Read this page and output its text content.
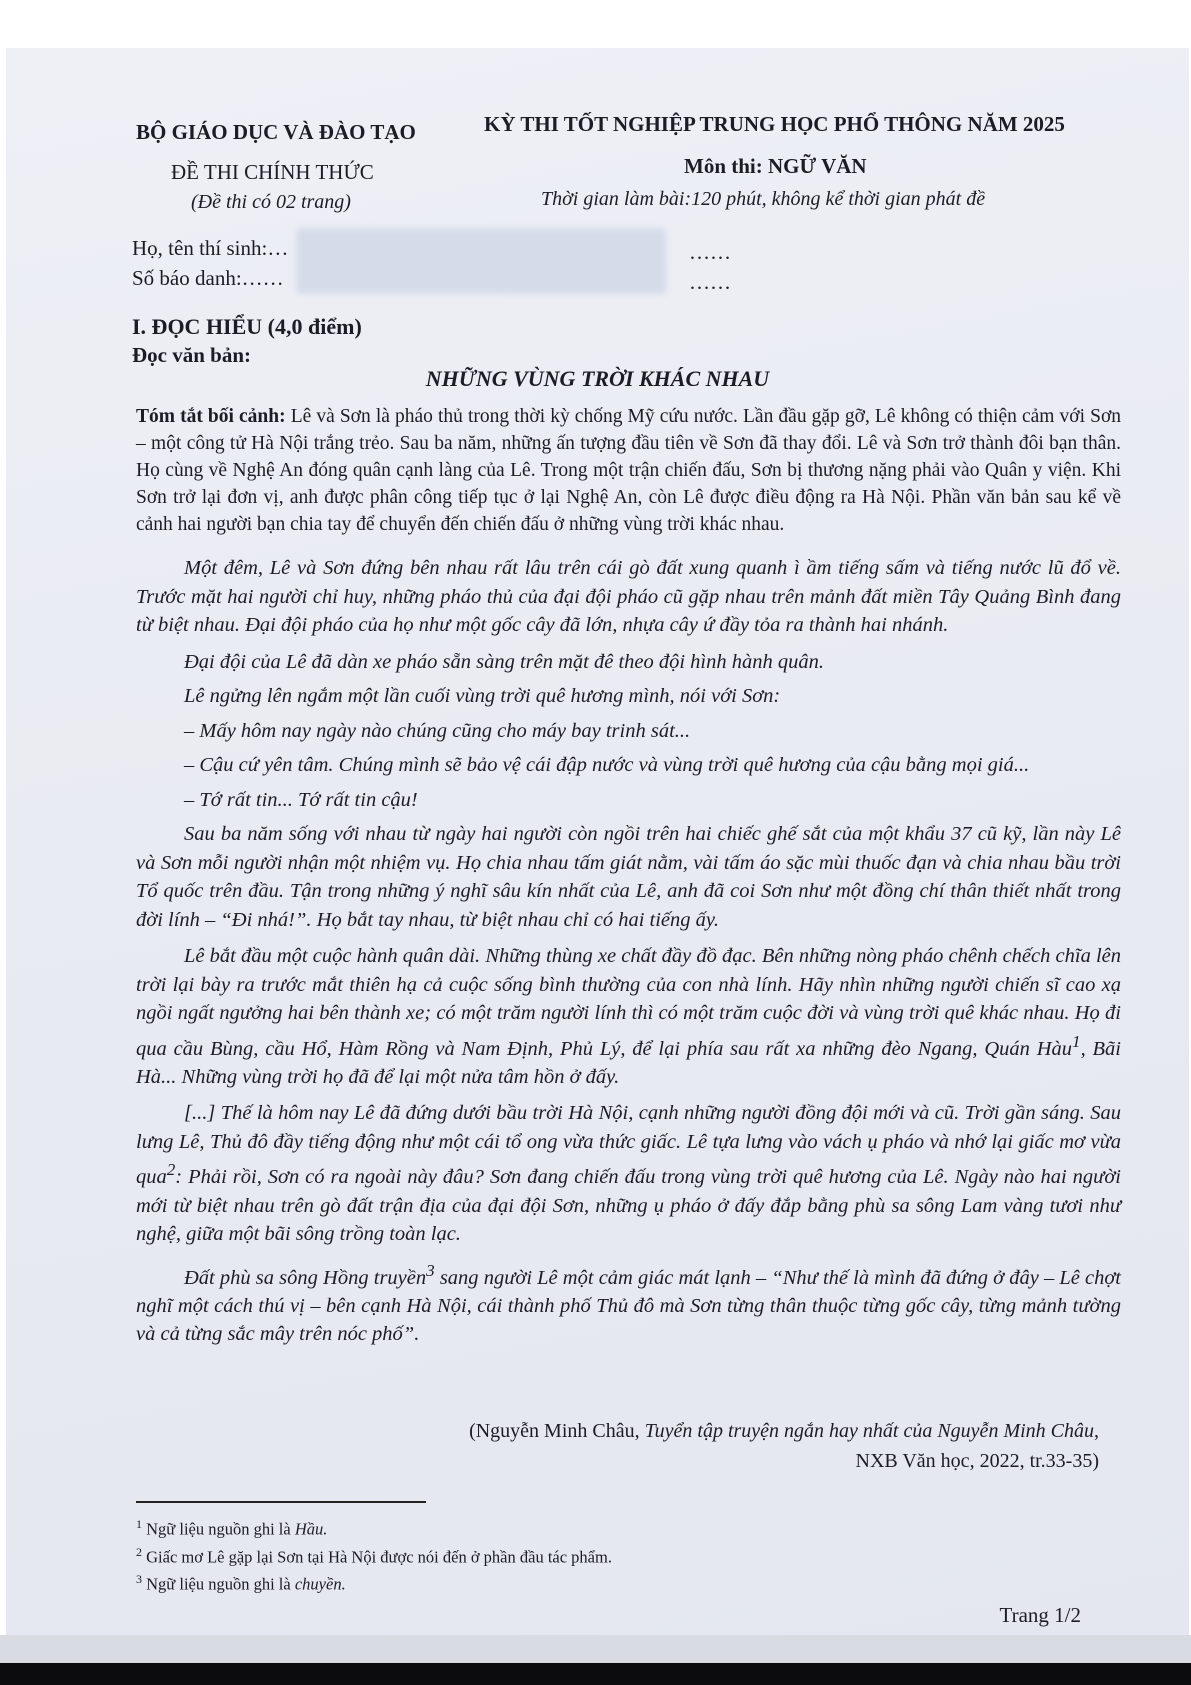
BỘ GIÁO DỤC VÀ ĐÀO TẠO	KỲ THI TỐT NGHIỆP TRUNG HỌC PHỔ THÔNG NĂM 2025
ĐỀ THI CHÍNH THỨC	Môn thi: NGỮ VĂN
(Đề thi có 02 trang)	Thời gian làm bài:120 phút, không kể thời gian phát đề
Họ, tên thí sinh:…
Số báo danh:……
……
……
I. ĐỌC HIỂU (4,0 điểm)
Đọc văn bản:
NHỮNG VÙNG TRỜI KHÁC NHAU
Tóm tắt bối cảnh: Lê và Sơn là pháo thủ trong thời kỳ chống Mỹ cứu nước. Lần đầu gặp gỡ, Lê không có thiện cảm với Sơn – một công tử Hà Nội trắng trẻo. Sau ba năm, những ấn tượng đầu tiên về Sơn đã thay đổi. Lê và Sơn trở thành đôi bạn thân. Họ cùng về Nghệ An đóng quân cạnh làng của Lê. Trong một trận chiến đấu, Sơn bị thương nặng phải vào Quân y viện. Khi Sơn trở lại đơn vị, anh được phân công tiếp tục ở lại Nghệ An, còn Lê được điều động ra Hà Nội. Phần văn bản sau kể về cảnh hai người bạn chia tay để chuyển đến chiến đấu ở những vùng trời khác nhau.

Một đêm, Lê và Sơn đứng bên nhau rất lâu trên cái gò đất xung quanh ì ầm tiếng sấm và tiếng nước lũ đổ về. Trước mặt hai người chỉ huy, những pháo thủ của đại đội pháo cũ gặp nhau trên mảnh đất miền Tây Quảng Bình đang từ biệt nhau. Đại đội pháo của họ như một gốc cây đã lớn, nhựa cây ứ đầy tỏa ra thành hai nhánh.

Đại đội của Lê đã dàn xe pháo sẵn sàng trên mặt đê theo đội hình hành quân.

Lê ngửng lên ngắm một lần cuối vùng trời quê hương mình, nói với Sơn:

– Mấy hôm nay ngày nào chúng cũng cho máy bay trinh sát...

– Cậu cứ yên tâm. Chúng mình sẽ bảo vệ cái đập nước và vùng trời quê hương của cậu bằng mọi giá...

– Tớ rất tin... Tớ rất tin cậu!

Sau ba năm sống với nhau từ ngày hai người còn ngồi trên hai chiếc ghế sắt của một khẩu 37 cũ kỹ, lần này Lê và Sơn mỗi người nhận một nhiệm vụ. Họ chia nhau tấm giát nằm, vài tấm áo sặc mùi thuốc đạn và chia nhau bầu trời Tổ quốc trên đầu. Tận trong những ý nghĩ sâu kín nhất của Lê, anh đã coi Sơn như một đồng chí thân thiết nhất trong đời lính – “Đi nhá!”. Họ bắt tay nhau, từ biệt nhau chỉ có hai tiếng ấy.

Lê bắt đầu một cuộc hành quân dài. Những thùng xe chất đầy đồ đạc. Bên những nòng pháo chênh chếch chĩa lên trời lại bày ra trước mắt thiên hạ cả cuộc sống bình thường của con nhà lính. Hãy nhìn những người chiến sĩ cao xạ ngồi ngất ngưởng hai bên thành xe; có một trăm người lính thì có một trăm cuộc đời và vùng trời quê khác nhau. Họ đi qua cầu Bùng, cầu Hổ, Hàm Rồng và Nam Định, Phủ Lý, để lại phía sau rất xa những đèo Ngang, Quán Hàu$^1$, Bãi Hà... Những vùng trời họ đã để lại một nửa tâm hồn ở đấy.

[...] Thế là hôm nay Lê đã đứng dưới bầu trời Hà Nội, cạnh những người đồng đội mới và cũ. Trời gần sáng. Sau lưng Lê, Thủ đô đầy tiếng động như một cái tổ ong vừa thức giấc. Lê tựa lưng vào vách ụ pháo và nhớ lại giấc mơ vừa qua$^2$: Phải rồi, Sơn có ra ngoài này đâu? Sơn đang chiến đấu trong vùng trời quê hương của Lê. Ngày nào hai người mới từ biệt nhau trên gò đất trận địa của đại đội Sơn, những ụ pháo ở đấy đắp bằng phù sa sông Lam vàng tươi như nghệ, giữa một bãi sông trồng toàn lạc.

Đất phù sa sông Hồng truyền$^3$ sang người Lê một cảm giác mát lạnh – “Như thế là mình đã đứng ở đây – Lê chợt nghĩ một cách thú vị – bên cạnh Hà Nội, cái thành phố Thủ đô mà Sơn từng thân thuộc từng gốc cây, từng mảnh tường và cả từng sắc mây trên nóc phố”.

(Nguyễn Minh Châu, Tuyển tập truyện ngắn hay nhất của Nguyễn Minh Châu,
NXB Văn học, 2022, tr.33-35)
$^1$ Ngữ liệu nguồn ghi là Hầu.
$^2$ Giấc mơ Lê gặp lại Sơn tại Hà Nội được nói đến ở phần đầu tác phẩm.
$^3$ Ngữ liệu nguồn ghi là chuyền.
Trang 1/2
